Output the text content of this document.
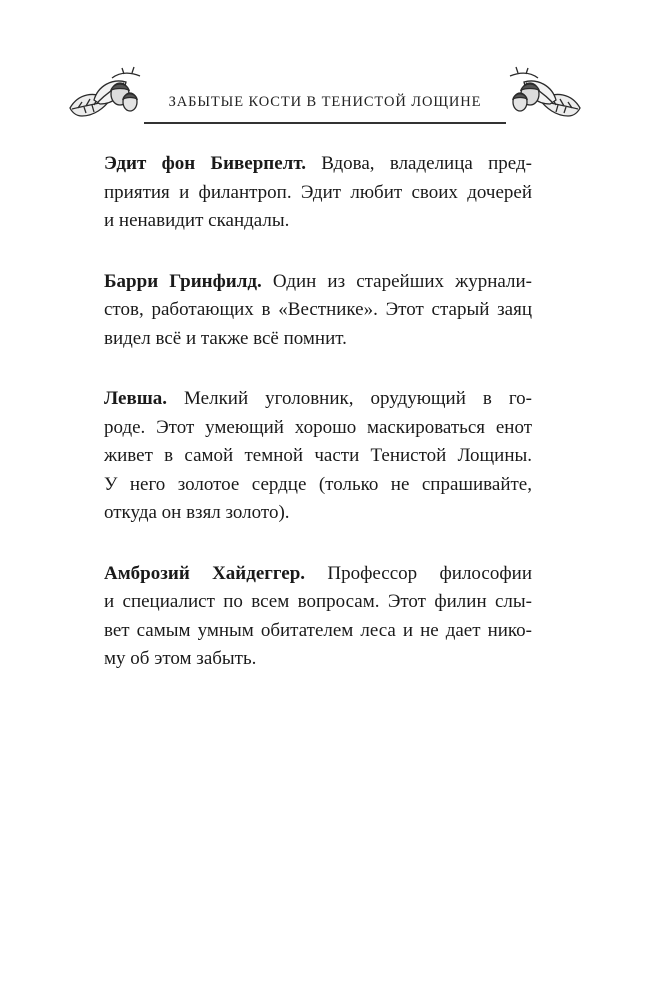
ЗАБЫТЫЕ КОСТИ В ТЕНИСТОЙ ЛОЩИНЕ

Эдит фон Биверпелт. Вдова, владелица пред-
приятия и филантроп. Эдит любит своих дочерей
и ненавидит скандалы.

Барри Гринфилд. Один из старейших журнали-
стов, работающих в «Вестнике». Этот старый заяц
видел всё и также всё помнит.

Левша. Мелкий уголовник, орудующий в го-
роде. Этот умеющий хорошо маскироваться енот
живет в самой темной части Тенистой Лощины.
У него золотое сердце (только не спрашивайте,
откуда он взял золото).

Амброзий Хайдеггер. Профессор философии
и специалист по всем вопросам. Этот филин слы-
вет самым умным обитателем леса и не дает нико-
му об этом забыть.
